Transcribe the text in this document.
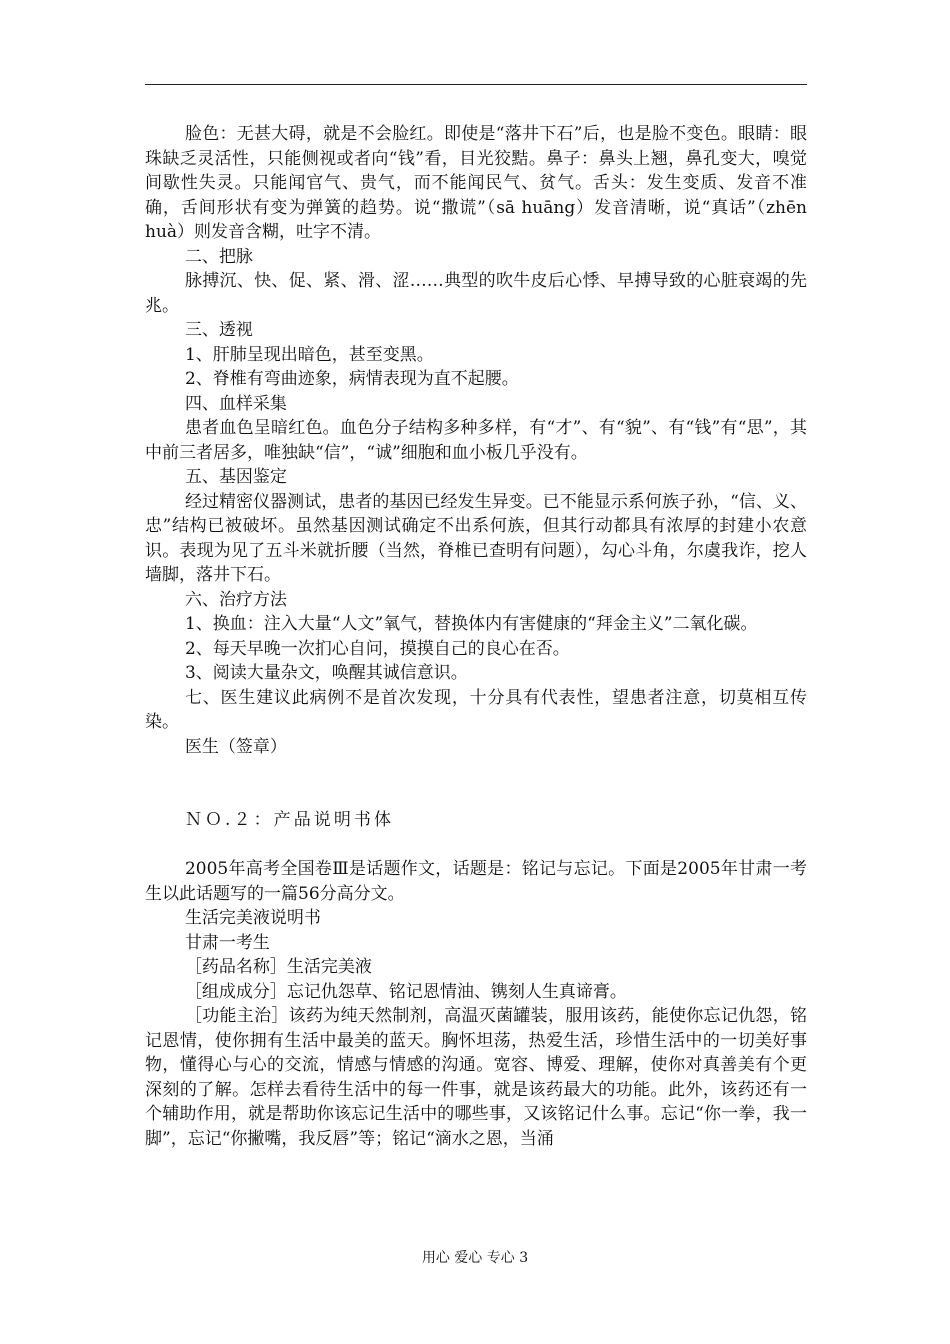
脸色：无甚大碍，就是不会脸红。即使是“落井下石”后，也是脸不变色。眼睛：眼珠缺乏灵活性，只能侧视或者向“钱”看，目光狡黠。鼻子：鼻头上翘，鼻孔变大，嗅觉间歇性失灵。只能闻官气、贵气，而不能闻民气、贫气。舌头：发生变质、发音不准确，舌间形状有变为弹簧的趋势。说“撒谎”（sā huāng）发音清晰，说“真话”（zhēn huà）则发音含糊，吐字不清。

二、把脉

脉搏沉、快、促、紧、滑、涩……典型的吹牛皮后心悸、早搏导致的心脏衰竭的先兆。

三、透视

1、肝肺呈现出暗色，甚至变黑。

2、脊椎有弯曲迹象，病情表现为直不起腰。

四、血样采集

患者血色呈暗红色。血色分子结构多种多样，有“才”、有“貌”、有“钱”有“思”，其中前三者居多，唯独缺“信”，“诚”细胞和血小板几乎没有。

五、基因鉴定

经过精密仪器测试，患者的基因已经发生异变。已不能显示系何族子孙，“信、义、忠”结构已被破坏。虽然基因测试确定不出系何族，但其行动都具有浓厚的封建小农意识。表现为见了五斗米就折腰（当然，脊椎已查明有问题），勾心斗角，尔虞我诈，挖人墙脚，落井下石。

六、治疗方法

1、换血：注入大量“人文”氧气，替换体内有害健康的“拜金主义”二氧化碳。

2、每天早晚一次扪心自问，摸摸自己的良心在否。

3、阅读大量杂文，唤醒其诚信意识。

七、医生建议此病例不是首次发现，十分具有代表性，望患者注意，切莫相互传染。

医生（签章）

ＮＯ.２：产品说明书体

2005年高考全国卷Ⅲ是话题作文，话题是：铭记与忘记。下面是2005年甘肃一考生以此话题写的一篇56分高分文。

生活完美液说明书

甘肃一考生

［药品名称］生活完美液

［组成成分］忘记仇怨草、铭记恩情油、镌刻人生真谛膏。

［功能主治］该药为纯天然制剂，高温灭菌罐装，服用该药，能使你忘记仇怨，铭记恩情，使你拥有生活中最美的蓝天。胸怀坦荡，热爱生活，珍惜生活中的一切美好事物，懂得心与心的交流，情感与情感的沟通。宽容、博爱、理解，使你对真善美有个更深刻的了解。怎样去看待生活中的每一件事，就是该药最大的功能。此外，该药还有一个辅助作用，就是帮助你该忘记生活中的哪些事，又该铭记什么事。忘记“你一拳，我一脚”，忘记“你撇嘴，我反唇”等；铭记“滴水之恩，当涌

用心 爱心 专心 3
